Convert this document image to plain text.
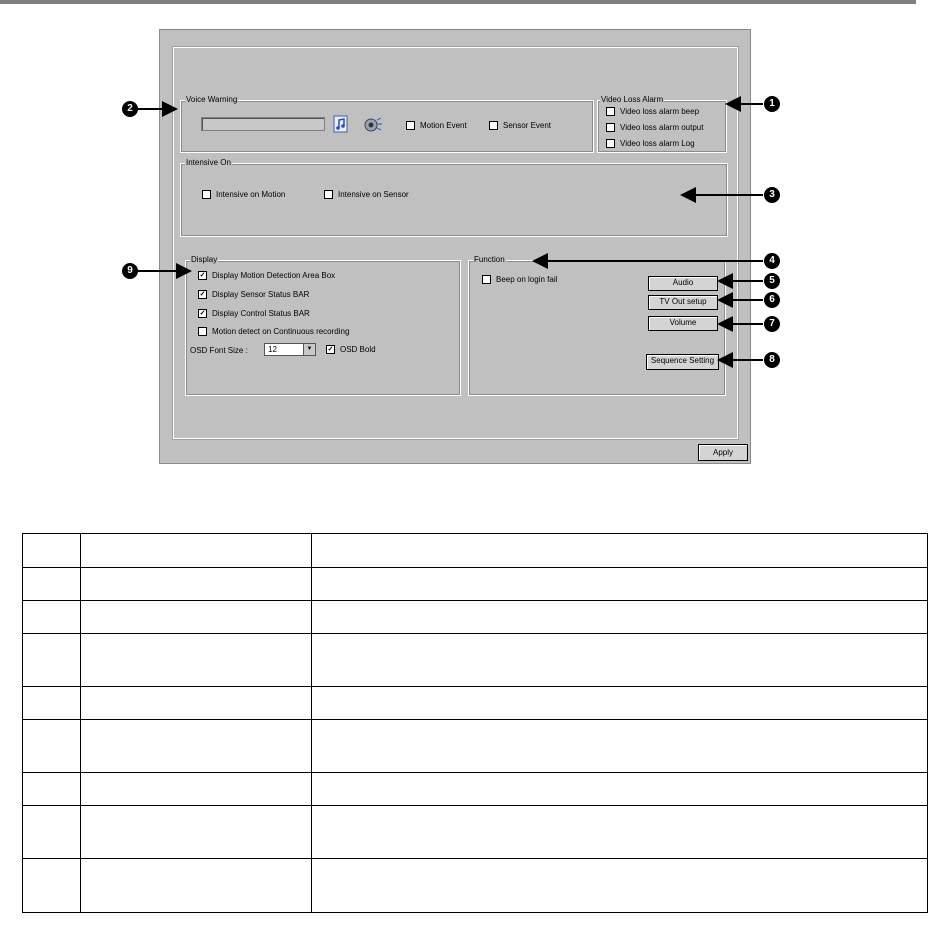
Voice Warning
Motion Event	Sensor Event
Video Loss Alarm
Video loss alarm beep
Video loss alarm output
Video loss alarm Log
Intensive On
Intensive on Motion	Intensive on Sensor
Display
✓ Display Motion Detection Area Box
✓ Display Sensor Status BAR
✓ Display Control Status BAR
Motion detect on Continuous recording
OSD Font Size :	12	▼	✓ OSD Bold
Function
Beep on login fail	Audio
TV Out setup
Volume
Sequence Setting
Apply
1
2
3
4
5
6
7
8
9
